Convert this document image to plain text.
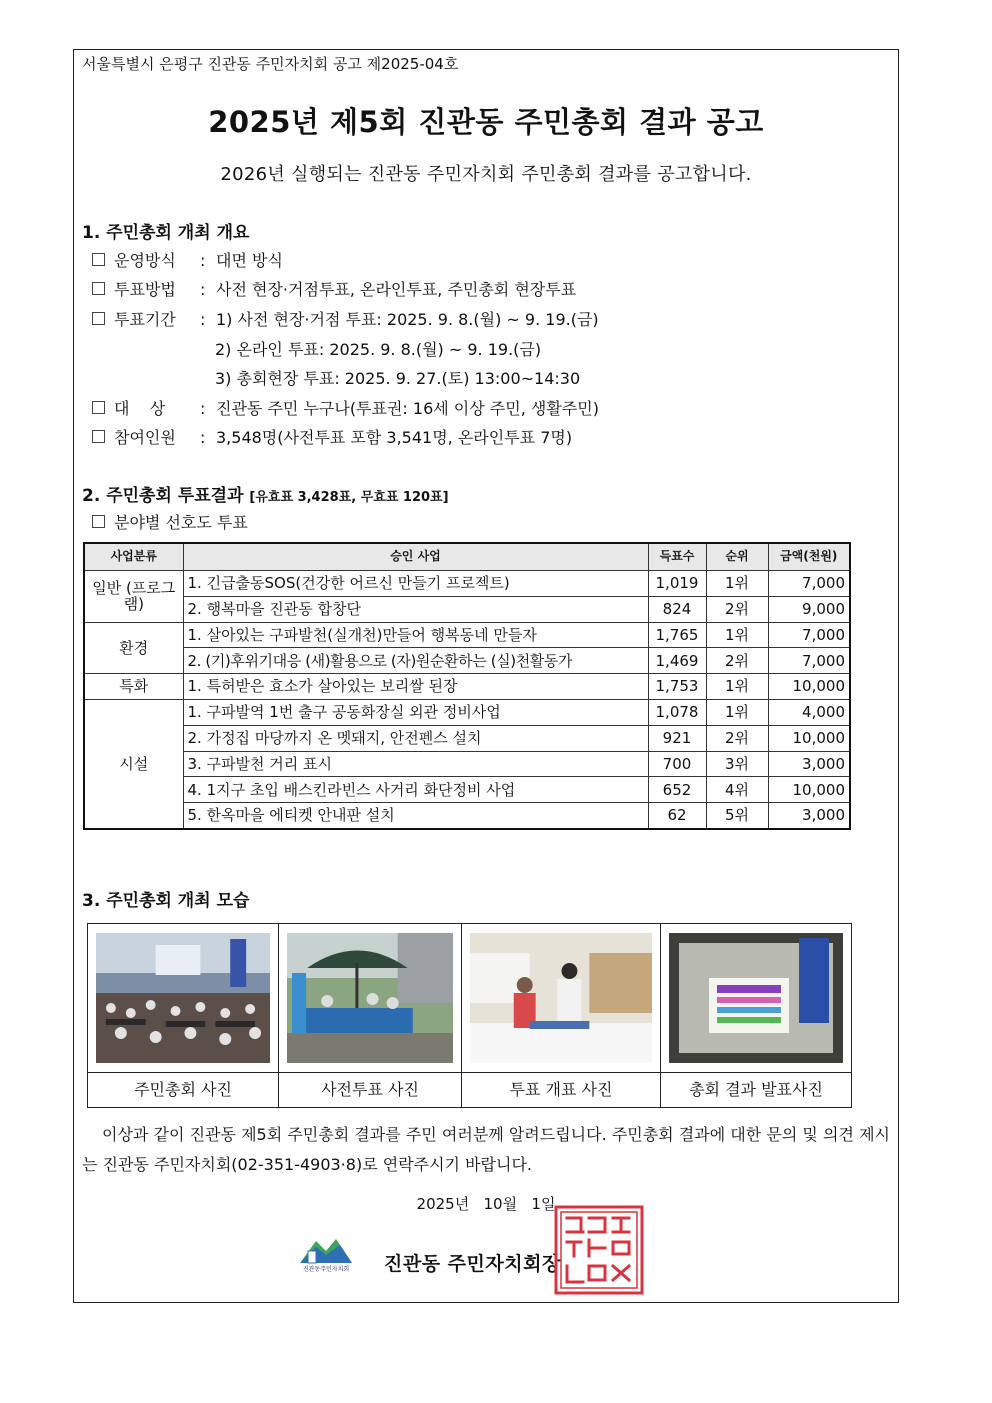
서울특별시 은평구 진관동 주민자치회 공고 제2025-04호
2025년 제5회 진관동 주민총회 결과 공고
2026년 실행되는 진관동 주민자치회 주민총회 결과를 공고합니다.
1. 주민총회 개최 개요
운영방식 : 대면 방식
투표방법 : 사전 현장·거점투표, 온라인투표, 주민총회 현장투표
투표기간 : 1) 사전 현장·거점 투표: 2025. 9. 8.(월) ~ 9. 19.(금)
2) 온라인 투표: 2025. 9. 8.(월) ~ 9. 19.(금)
3) 총회현장 투표: 2025. 9. 27.(토) 13:00~14:30
대    상 : 진관동 주민 누구나(투표권: 16세 이상 주민, 생활주민)
참여인원 : 3,548명(사전투표 포함 3,541명, 온라인투표 7명)
2. 주민총회 투표결과 [유효표 3,428표, 무효표 120표]
분야별 선호도 투표
사업분류	승인 사업	득표수	순위	금액(천원)
일반 (프로그램)	1. 긴급출동SOS(건강한 어르신 만들기 프로젝트)	1,019	1위	7,000
	2. 행복마을 진관동 합창단	824	2위	9,000
환경	1. 살아있는 구파발천(실개천)만들어 행복동네 만들자	1,765	1위	7,000
	2. (기)후위기대응 (새)활용으로 (자)원순환하는 (실)천활동가	1,469	2위	7,000
특화	1. 특허받은 효소가 살아있는 보리쌀 된장	1,753	1위	10,000
시설	1. 구파발역 1번 출구 공동화장실 외관 정비사업	1,078	1위	4,000
	2. 가정집 마당까지 온 멧돼지, 안전펜스 설치	921	2위	10,000
	3. 구파발천 거리 표시	700	3위	3,000
	4. 1지구 초입 배스킨라빈스 사거리 화단정비 사업	652	4위	10,000
	5. 한옥마을 에티켓 안내판 설치	62	5위	3,000
3. 주민총회 개최 모습
주민총회 사진	사전투표 사진	투표 개표 사진	총회 결과 발표사진
이상과 같이 진관동 제5회 주민총회 결과를 주민 여러분께 알려드립니다. 주민총회 결과에 대한 문의 및 의견 제시는 진관동 주민자치회(02-351-4903·8)로 연락주시기 바랍니다.
2025년   10월   1일
진관동주민자치회	진관동 주민자치회장
